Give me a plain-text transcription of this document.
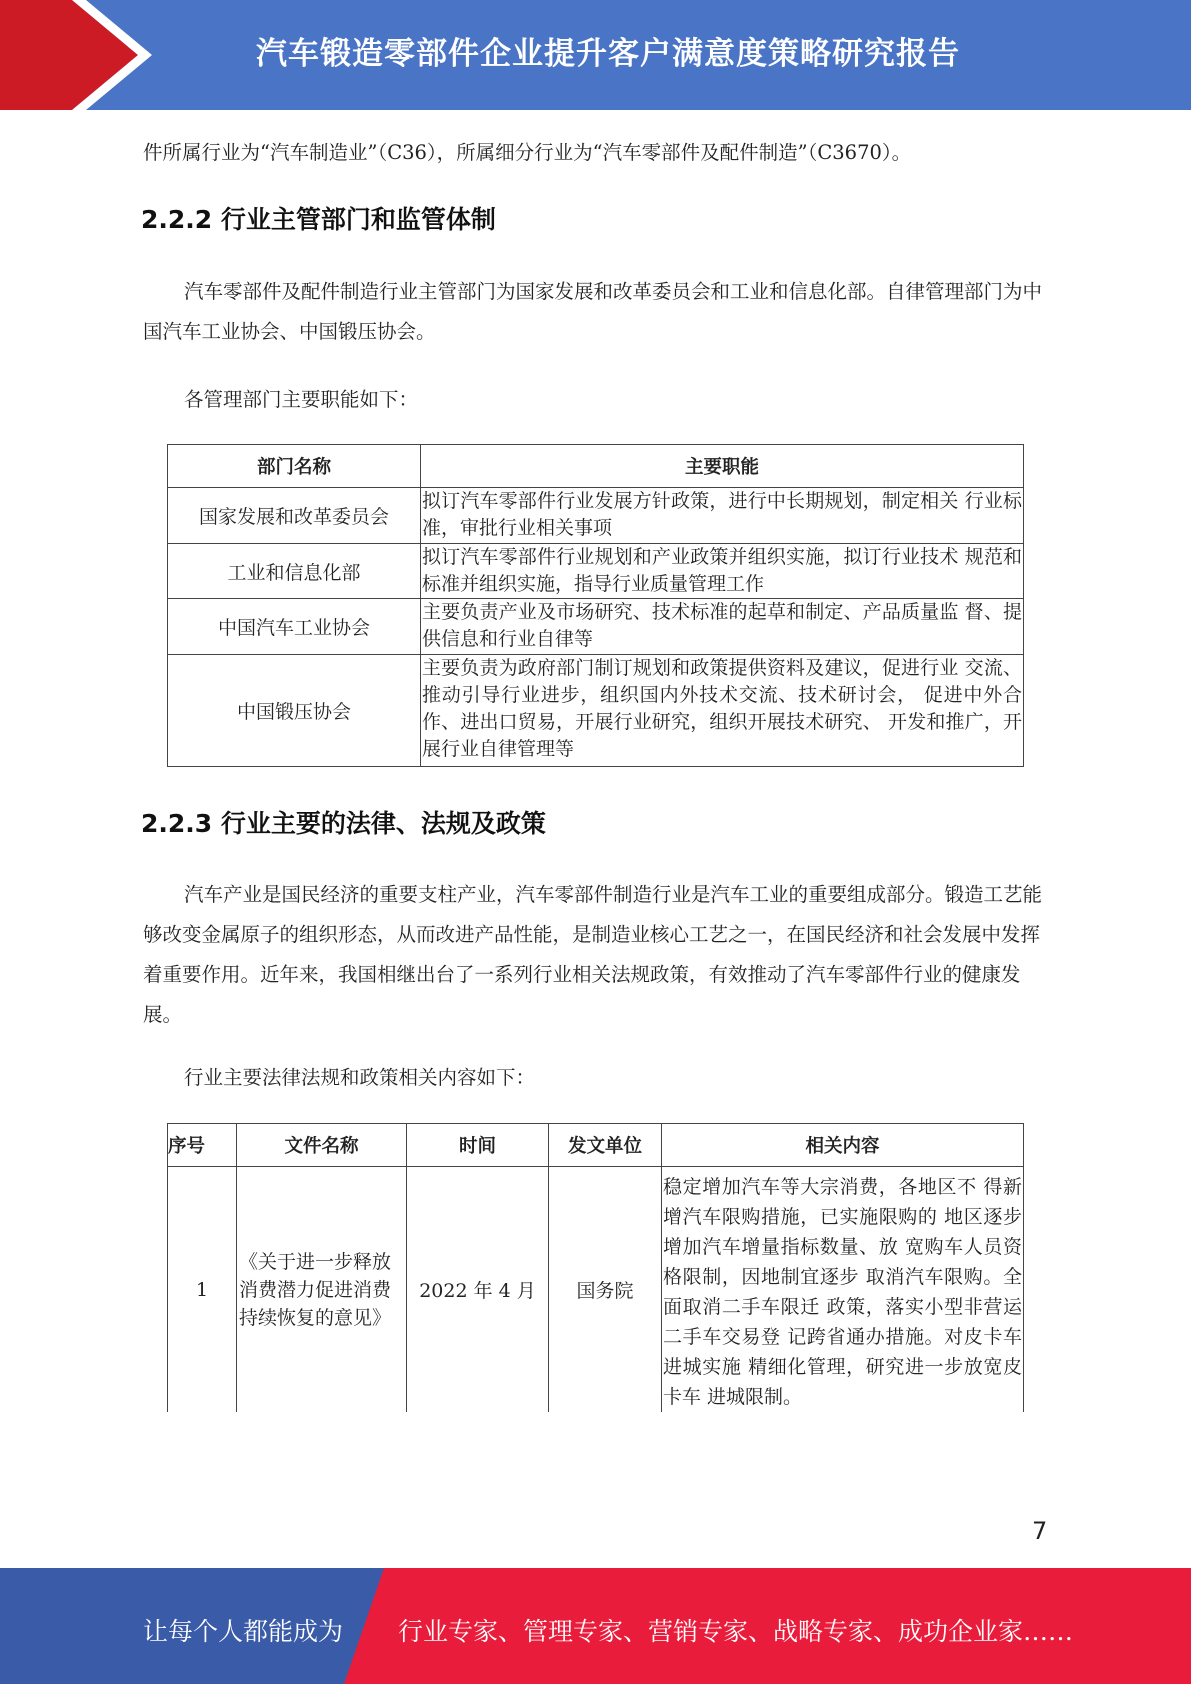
汽车锻造零部件企业提升客户满意度策略研究报告

件所属行业为“汽车制造业”（C36），所属细分行业为“汽车零部件及配件制造”（C3670）。

2.2.2 行业主管部门和监管体制

汽车零部件及配件制造行业主管部门为国家发展和改革委员会和工业和信息化部。自律管理部门为中国汽车工业协会、中国锻压协会。

各管理部门主要职能如下：

部门名称	主要职能
国家发展和改革委员会	拟订汽车零部件行业发展方针政策，进行中长期规划，制定相关 行业标准，审批行业相关事项

工业和信息化部	拟订汽车零部件行业规划和产业政策并组织实施，拟订行业技术 规范和标准并组织实施，指导行业质量管理工作

中国汽车工业协会	主要负责产业及市场研究、技术标准的起草和制定、产品质量监 督、提供信息和行业自律等

中国锻压协会	主要负责为政府部门制订规划和政策提供资料及建议，促进行业 交流、推动引导行业进步，组织国内外技术交流、技术研讨会， 促进中外合作、进出口贸易，开展行业研究，组织开展技术研究、 开发和推广，开展行业自律管理等
2.2.3 行业主要的法律、法规及政策

汽车产业是国民经济的重要支柱产业，汽车零部件制造行业是汽车工业的重要组成部分。锻造工艺能够改变金属原子的组织形态，从而改进产品性能，是制造业核心工艺之一，在国民经济和社会发展中发挥着重要作用。近年来，我国相继出台了一系列行业相关法规政策，有效推动了汽车零部件行业的健康发展。

行业主要法律法规和政策相关内容如下：

序号	文件名称	时间	发文单位	相关内容
1	《关于进一步释放消费潜力促进消费持续恢复的意见》	2022 年 4 月	国务院	稳定增加汽车等大宗消费，各地区不 得新增汽车限购措施，已实施限购的 地区逐步增加汽车增量指标数量、放 宽购车人员资格限制，因地制宜逐步 取消汽车限购。全面取消二手车限迁 政策，落实小型非营运二手车交易登 记跨省通办措施。对皮卡车进城实施 精细化管理，研究进一步放宽皮卡车 进城限制。
7
让每个人都能成为 行业专家、管理专家、营销专家、战略专家、成功企业家……
